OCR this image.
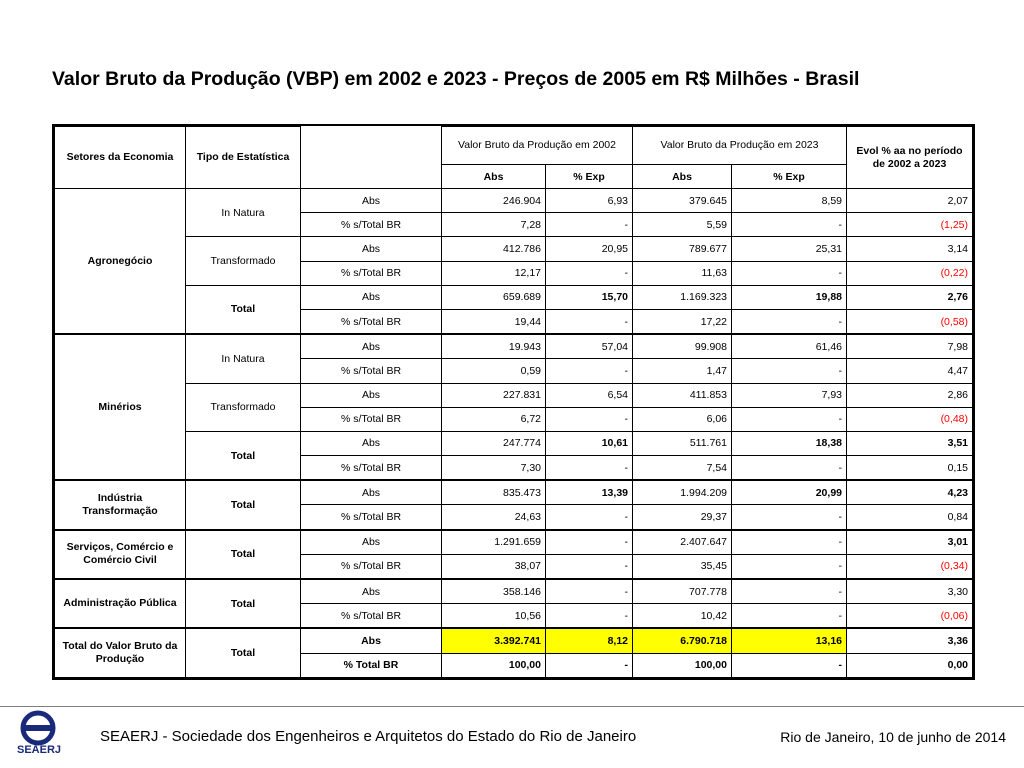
Valor Bruto da Produção (VBP) em 2002 e 2023 - Preços de 2005 em R$ Milhões - Brasil
Setores da Economia	Tipo de Estatística		Valor Bruto da Produção em 2002		Valor Bruto da Produção em 2023		Evol % aa no período de 2002 a 2023
			Abs	% Exp	Abs	% Exp	
Agronegócio	In Natura	Abs	246.904	6,93	379.645	8,59	2,07
		% s/Total BR	7,28	-	5,59	-	(1,25)
	Transformado	Abs	412.786	20,95	789.677	25,31	3,14
		% s/Total BR	12,17	-	11,63	-	(0,22)
	Total	Abs	659.689	15,70	1.169.323	19,88	2,76
		% s/Total BR	19,44	-	17,22	-	(0,58)
Minérios	In Natura	Abs	19.943	57,04	99.908	61,46	7,98
		% s/Total BR	0,59	-	1,47	-	4,47
	Transformado	Abs	227.831	6,54	411.853	7,93	2,86
		% s/Total BR	6,72	-	6,06	-	(0,48)
	Total	Abs	247.774	10,61	511.761	18,38	3,51
		% s/Total BR	7,30	-	7,54	-	0,15
Indústria Transformação	Total	Abs	835.473	13,39	1.994.209	20,99	4,23
		% s/Total BR	24,63	-	29,37	-	0,84
Serviços, Comércio e Comércio Civil	Total	Abs	1.291.659	-	2.407.647	-	3,01
		% s/Total BR	38,07	-	35,45	-	(0,34)
Administração Pública	Total	Abs	358.146	-	707.778	-	3,30
		% s/Total BR	10,56	-	10,42	-	(0,06)
Total do Valor Bruto da Produção	Total	Abs	3.392.741	8,12	6.790.718	13,16	3,36
		% Total BR	100,00	-	100,00	-	0,00
SEAERJ
SEAERJ - Sociedade dos Engenheiros e Arquitetos do Estado do Rio de Janeiro	Rio de Janeiro, 10 de junho de 2014
